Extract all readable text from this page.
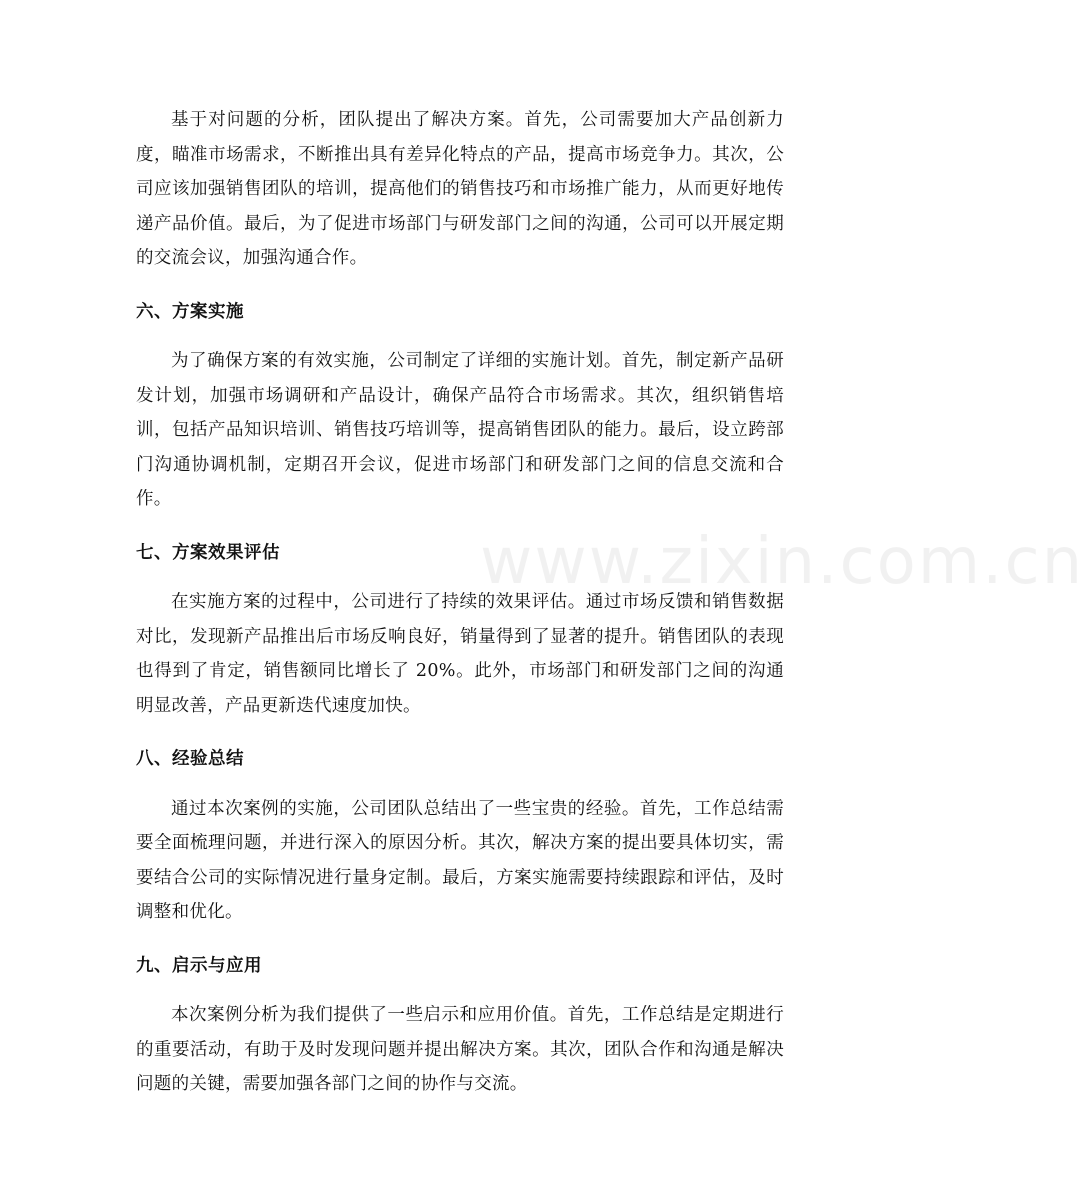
www.zixin.com.cn

基于对问题的分析，团队提出了解决方案。首先，公司需要加大产品创新力度，瞄准市场需求，不断推出具有差异化特点的产品，提高市场竞争力。其次，公司应该加强销售团队的培训，提高他们的销售技巧和市场推广能力，从而更好地传递产品价值。最后，为了促进市场部门与研发部门之间的沟通，公司可以开展定期的交流会议，加强沟通合作。

六、方案实施

为了确保方案的有效实施，公司制定了详细的实施计划。首先，制定新产品研发计划，加强市场调研和产品设计，确保产品符合市场需求。其次，组织销售培训，包括产品知识培训、销售技巧培训等，提高销售团队的能力。最后，设立跨部门沟通协调机制，定期召开会议，促进市场部门和研发部门之间的信息交流和合作。

七、方案效果评估

在实施方案的过程中，公司进行了持续的效果评估。通过市场反馈和销售数据对比，发现新产品推出后市场反响良好，销量得到了显著的提升。销售团队的表现也得到了肯定，销售额同比增长了 20%。此外，市场部门和研发部门之间的沟通明显改善，产品更新迭代速度加快。

八、经验总结

通过本次案例的实施，公司团队总结出了一些宝贵的经验。首先，工作总结需要全面梳理问题，并进行深入的原因分析。其次，解决方案的提出要具体切实，需要结合公司的实际情况进行量身定制。最后，方案实施需要持续跟踪和评估，及时调整和优化。

九、启示与应用

本次案例分析为我们提供了一些启示和应用价值。首先，工作总结是定期进行的重要活动，有助于及时发现问题并提出解决方案。其次，团队合作和沟通是解决问题的关键，需要加强各部门之间的协作与交流。
